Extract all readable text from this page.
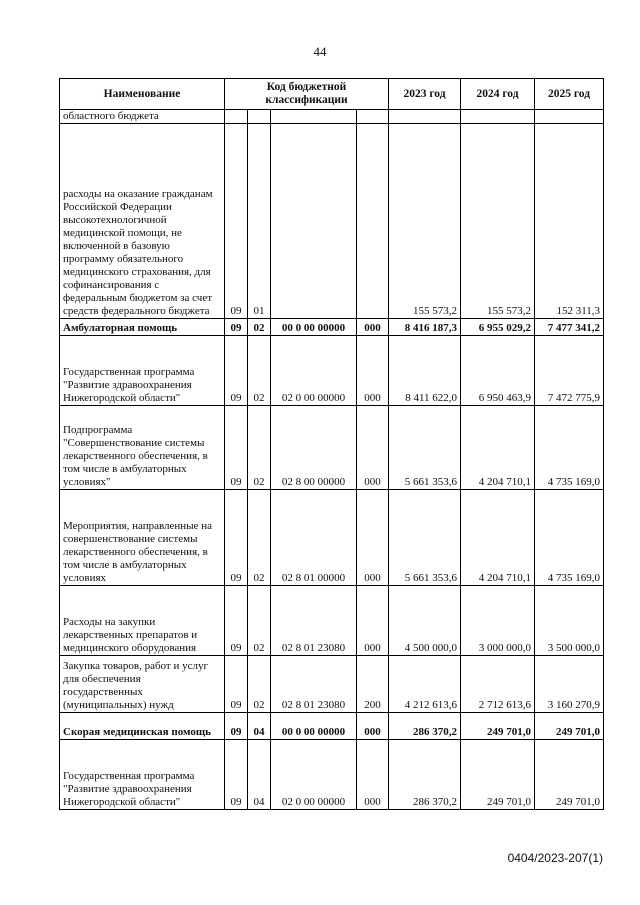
44
Наименование	Код бюджетной классификации				2023 год	2024 год	2025 год
областного бюджета							
расходы на оказание гражданам Российской Федерации высокотехнологичной медицинской помощи, не включенной в базовую программу обязательного медицинского страхования, для софинансирования с федеральным бюджетом за счет средств федерального бюджета	09	01			155 573,2	155 573,2	152 311,3
Амбулаторная помощь	09	02	00 0 00 00000	000	8 416 187,3	6 955 029,2	7 477 341,2
Государственная программа "Развитие здравоохранения Нижегородской области"	09	02	02 0 00 00000	000	8 411 622,0	6 950 463,9	7 472 775,9
Подпрограмма "Совершенствование системы лекарственного обеспечения, в том числе в амбулаторных условиях"	09	02	02 8 00 00000	000	5 661 353,6	4 204 710,1	4 735 169,0
Мероприятия, направленные на совершенствование системы лекарственного обеспечения, в том числе в амбулаторных условиях	09	02	02 8 01 00000	000	5 661 353,6	4 204 710,1	4 735 169,0
Расходы на закупки лекарственных препаратов и медицинского оборудования	09	02	02 8 01 23080	000	4 500 000,0	3 000 000,0	3 500 000,0
Закупка товаров, работ и услуг для обеспечения государственных (муниципальных) нужд	09	02	02 8 01 23080	200	4 212 613,6	2 712 613,6	3 160 270,9
Скорая медицинская помощь	09	04	00 0 00 00000	000	286 370,2	249 701,0	249 701,0
Государственная программа "Развитие здравоохранения Нижегородской области"	09	04	02 0 00 00000	000	286 370,2	249 701,0	249 701,0
0404/2023-207(1)
